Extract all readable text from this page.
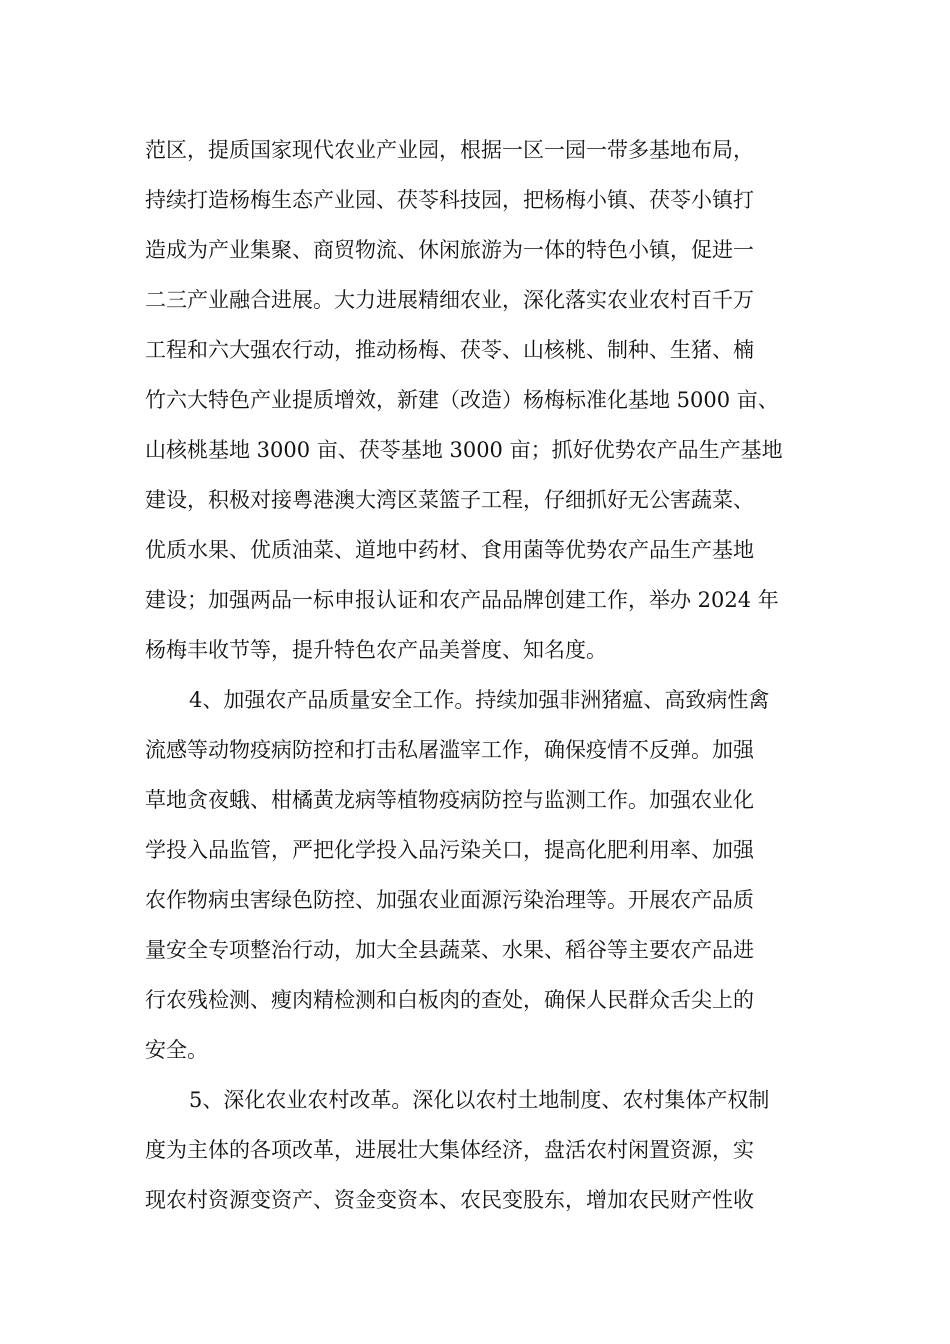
范区，提质国家现代农业产业园，根据一区一园一带多基地布局，
持续打造杨梅生态产业园、茯苓科技园，把杨梅小镇、茯苓小镇打
造成为产业集聚、商贸物流、休闲旅游为一体的特色小镇，促进一
二三产业融合进展。大力进展精细农业，深化落实农业农村百千万
工程和六大强农行动，推动杨梅、茯苓、山核桃、制种、生猪、楠
竹六大特色产业提质增效，新建（改造）杨梅标准化基地 5000 亩、
山核桃基地 3000 亩、茯苓基地 3000 亩；抓好优势农产品生产基地
建设，积极对接粤港澳大湾区菜篮子工程，仔细抓好无公害蔬菜、
优质水果、优质油菜、道地中药材、食用菌等优势农产品生产基地
建设；加强两品一标申报认证和农产品品牌创建工作，举办 2024 年
杨梅丰收节等，提升特色农产品美誉度、知名度。
4、加强农产品质量安全工作。持续加强非洲猪瘟、高致病性禽
流感等动物疫病防控和打击私屠滥宰工作，确保疫情不反弹。加强
草地贪夜蛾、柑橘黄龙病等植物疫病防控与监测工作。加强农业化
学投入品监管，严把化学投入品污染关口，提高化肥利用率、加强
农作物病虫害绿色防控、加强农业面源污染治理等。开展农产品质
量安全专项整治行动，加大全县蔬菜、水果、稻谷等主要农产品进
行农残检测、瘦肉精检测和白板肉的查处，确保人民群众舌尖上的
安全。
5、深化农业农村改革。深化以农村土地制度、农村集体产权制
度为主体的各项改革，进展壮大集体经济，盘活农村闲置资源，实
现农村资源变资产、资金变资本、农民变股东，增加农民财产性收
